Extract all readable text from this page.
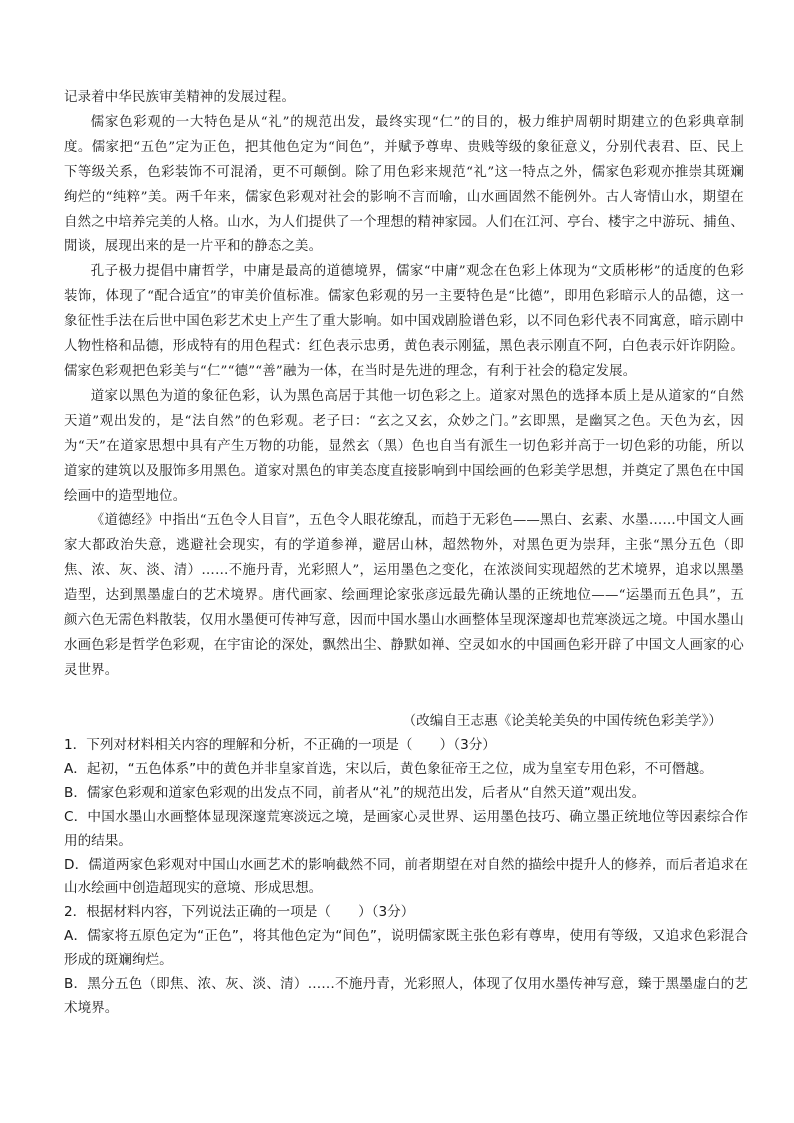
记录着中华民族审美精神的发展过程。

儒家色彩观的一大特色是从“礼”的规范出发，最终实现“仁”的目的，极力维护周朝时期建立的色彩典章制度。儒家把“五色”定为正色，把其他色定为“间色”，并赋予尊卑、贵贱等级的象征意义，分别代表君、臣、民上下等级关系，色彩装饰不可混淆，更不可颠倒。除了用色彩来规范“礼”这一特点之外，儒家色彩观亦推崇其斑斓绚烂的“纯粹”美。两千年来，儒家色彩观对社会的影响不言而喻，山水画固然不能例外。古人寄情山水，期望在自然之中培养完美的人格。山水，为人们提供了一个理想的精神家园。人们在江河、亭台、楼宇之中游玩、捕鱼、閒谈，展现出来的是一片平和的静态之美。

孔子极力提倡中庸哲学，中庸是最高的道德境界，儒家“中庸”观念在色彩上体现为“文质彬彬”的适度的色彩装饰，体现了“配合适宜”的审美价值标准。儒家色彩观的另一主要特色是“比德”，即用色彩暗示人的品德，这一象征性手法在后世中国色彩艺术史上产生了重大影响。如中国戏剧脸谱色彩，以不同色彩代表不同寓意，暗示剧中人物性格和品德，形成特有的用色程式：红色表示忠勇，黄色表示刚猛，黑色表示刚直不阿，白色表示奸诈阴险。儒家色彩观把色彩美与“仁”“德”“善”融为一体，在当时是先进的理念，有利于社会的稳定发展。

道家以黑色为道的象征色彩，认为黑色高居于其他一切色彩之上。道家对黑色的选择本质上是从道家的“自然天道”观出发的，是“法自然”的色彩观。老子曰：“玄之又玄，众妙之门。”玄即黑，是幽冥之色。天色为玄，因为“天”在道家思想中具有产生万物的功能，显然玄（黑）色也自当有派生一切色彩并高于一切色彩的功能，所以道家的建筑以及服饰多用黑色。道家对黑色的审美态度直接影响到中国绘画的色彩美学思想，并奠定了黑色在中国绘画中的造型地位。

《道德经》中指出“五色令人目盲”，五色令人眼花缭乱，而趋于无彩色——黑白、玄素、水墨……中国文人画家大都政治失意，逃避社会现实，有的学道参禅，避居山林，超然物外，对黑色更为崇拜，主张“黑分五色（即焦、浓、灰、淡、清）……不施丹青，光彩照人”，运用墨色之变化，在浓淡间实现超然的艺术境界，追求以黑墨造型，达到黑墨虚白的艺术境界。唐代画家、绘画理论家张彦远最先确认墨的正统地位——“运墨而五色具”，五颜六色无需色料散装，仅用水墨便可传神写意，因而中国水墨山水画整体呈现深邃却也荒寒淡远之境。中国水墨山水画色彩是哲学色彩观，在宇宙论的深处，飘然出尘、静默如禅、空灵如水的中国画色彩开辟了中国文人画家的心灵世界。

（改编自王志惠《论美轮美奂的中国传统色彩美学》）

1．下列对材料相关内容的理解和分析，不正确的一项是（　　）（3分）

A．起初，“五色体系”中的黄色并非皇家首选，宋以后，黄色象征帝王之位，成为皇室专用色彩，不可僭越。

B．儒家色彩观和道家色彩观的出发点不同，前者从“礼”的规范出发，后者从“自然天道”观出发。

C．中国水墨山水画整体显现深邃荒寒淡远之境，是画家心灵世界、运用墨色技巧、确立墨正统地位等因素综合作用的结果。

D．儒道两家色彩观对中国山水画艺术的影响截然不同，前者期望在对自然的描绘中提升人的修养，而后者追求在山水绘画中创造超现实的意境、形成思想。

2．根据材料内容，下列说法正确的一项是（　　）（3分）

A．儒家将五原色定为“正色”，将其他色定为“间色”，说明儒家既主张色彩有尊卑，使用有等级，又追求色彩混合形成的斑斓绚烂。

B．黑分五色（即焦、浓、灰、淡、清）……不施丹青，光彩照人，体现了仅用水墨传神写意，臻于黑墨虚白的艺术境界。
